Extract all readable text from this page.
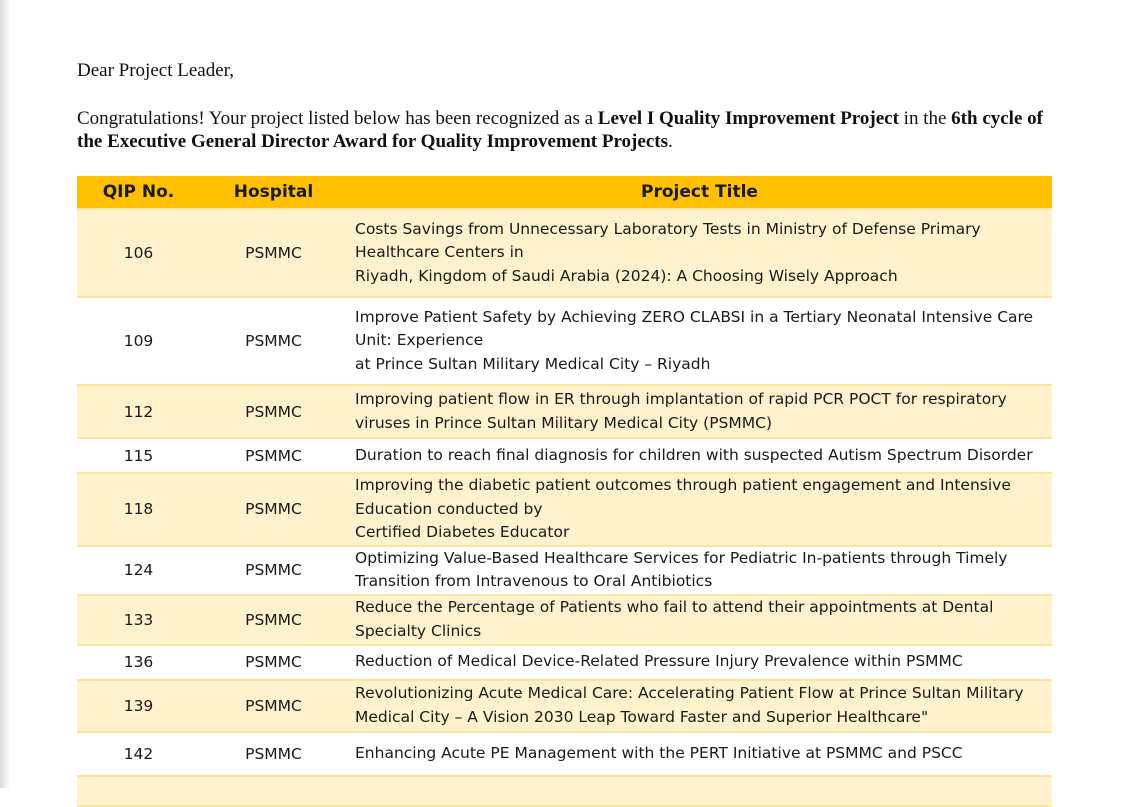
Dear Project Leader,

Congratulations! Your project listed below has been recognized as a Level I Quality Improvement Project in the 6th cycle of the Executive General Director Award for Quality Improvement Projects.

QIP No.	Hospital	Project Title
106	PSMMC	Costs Savings from Unnecessary Laboratory Tests in Ministry of Defense Primary
Healthcare Centers in
Riyadh, Kingdom of Saudi Arabia (2024): A Choosing Wisely Approach

109	PSMMC	Improve Patient Safety by Achieving ZERO CLABSI in a Tertiary Neonatal Intensive Care
Unit: Experience
at Prince Sultan Military Medical City – Riyadh

112	PSMMC	Improving patient flow in ER through implantation of rapid PCR POCT for respiratory
viruses in Prince Sultan Military Medical City (PSMMC)

115	PSMMC	Duration to reach final diagnosis for children with suspected Autism Spectrum Disorder

118	PSMMC	Improving the diabetic patient outcomes through patient engagement and Intensive
Education conducted by
Certified Diabetes Educator

124	PSMMC	Optimizing Value-Based Healthcare Services for Pediatric In-patients through Timely
Transition from Intravenous to Oral Antibiotics

133	PSMMC	Reduce the Percentage of Patients who fail to attend their appointments at Dental
Specialty Clinics

136	PSMMC	Reduction of Medical Device-Related Pressure Injury Prevalence within PSMMC

139	PSMMC	Revolutionizing Acute Medical Care: Accelerating Patient Flow at Prince Sultan Military
Medical City – A Vision 2030 Leap Toward Faster and Superior Healthcare"

142	PSMMC	Enhancing Acute PE Management with the PERT Initiative at PSMMC and PSCC
